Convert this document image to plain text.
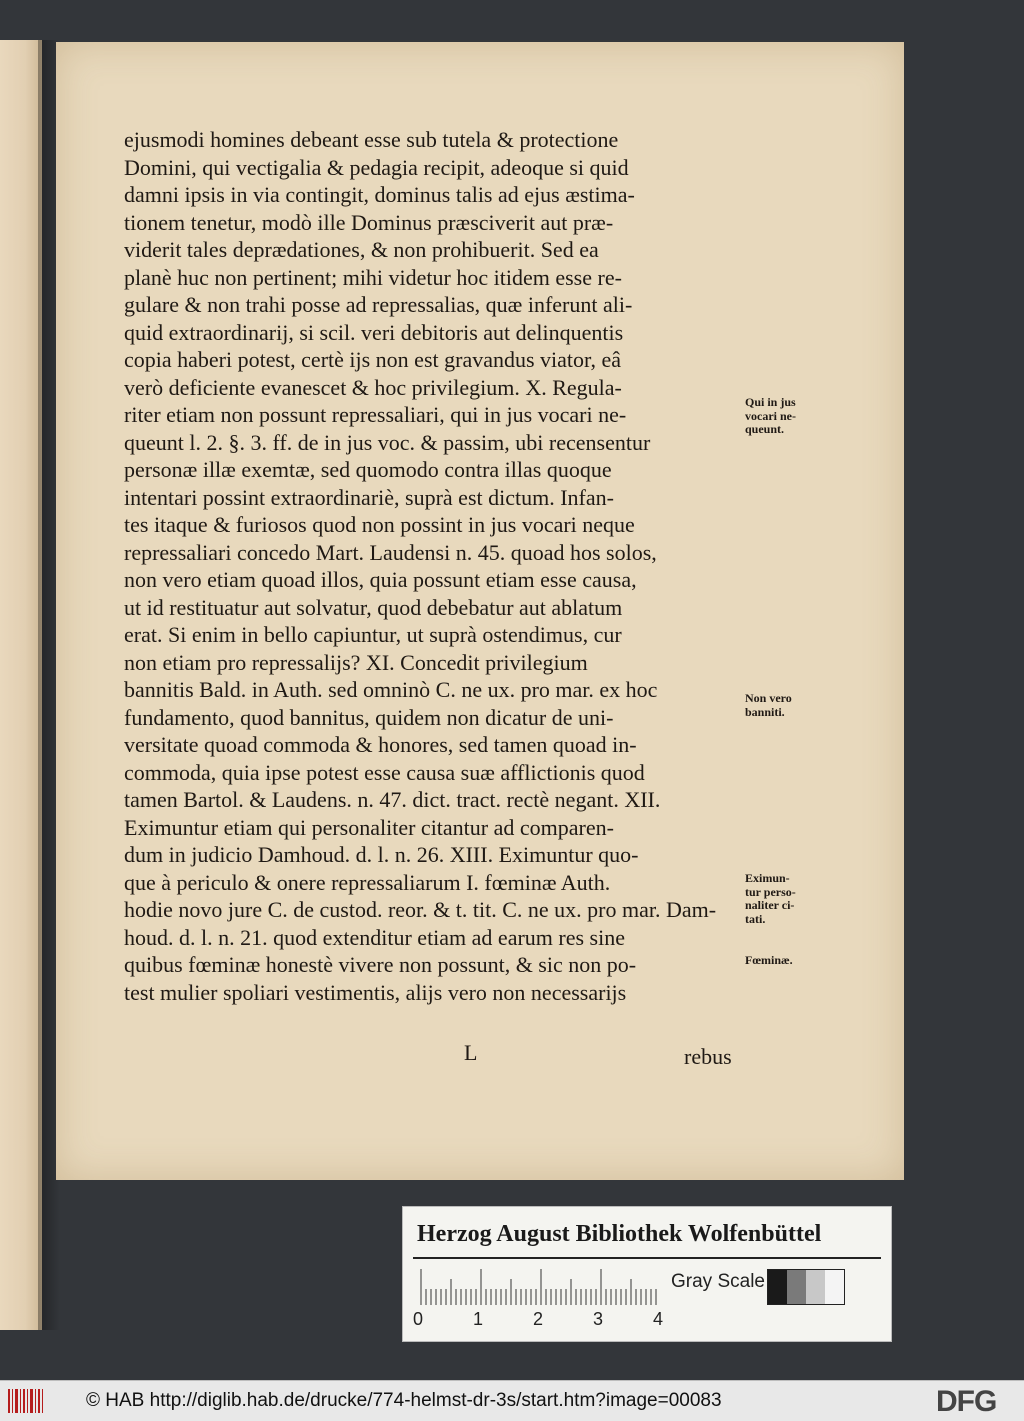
ejusmodi homines debeant esse sub tutela & protectione
Domini, qui vectigalia & pedagia recipit, adeoque si quid
damni ipsis in via contingit, dominus talis ad ejus æstima-
tionem tenetur, modò ille Dominus præsciverit aut præ-
viderit tales deprædationes, & non prohibuerit. Sed ea
planè huc non pertinent; mihi videtur hoc itidem esse re-
gulare & non trahi posse ad repressalias, quæ inferunt ali-
quid extraordinarij, si scil. veri debitoris aut delinquentis
copia haberi potest, certè ijs non est gravandus viator, eâ
verò deficiente evanescet & hoc privilegium. X. Regula-
riter etiam non possunt repressaliari, qui in jus vocari ne-
queunt l. 2. §. 3. ff. de in jus voc. & passim, ubi recensentur
personæ illæ exemtæ, sed quomodo contra illas quoque
intentari possint extraordinariè, suprà est dictum. Infan-
tes itaque & furiosos quod non possint in jus vocari neque
repressaliari concedo Mart. Laudensi n. 45. quoad hos solos,
non vero etiam quoad illos, quia possunt etiam esse causa,
ut id restituatur aut solvatur, quod debebatur aut ablatum
erat. Si enim in bello capiuntur, ut suprà ostendimus, cur
non etiam pro repressalijs? XI. Concedit privilegium
bannitis Bald. in Auth. sed omninò C. ne ux. pro mar. ex hoc
fundamento, quod bannitus, quidem non dicatur de uni-
versitate quoad commoda & honores, sed tamen quoad in-
commoda, quia ipse potest esse causa suæ afflictionis quod
tamen Bartol. & Laudens. n. 47. dict. tract. rectè negant. XII.
Eximuntur etiam qui personaliter citantur ad comparen-
dum in judicio Damhoud. d. l. n. 26. XIII. Eximuntur quo-
que à periculo & onere repressaliarum I. fœminæ Auth.
hodie novo jure C. de custod. reor. & t. tit. C. ne ux. pro mar. Dam-
houd. d. l. n. 21. quod extenditur etiam ad earum res sine
quibus fœminæ honestè vivere non possunt, & sic non po-
test mulier spoliari vestimentis, alijs vero non necessarijs
Qui in jus
vocari ne-
queunt.
Non vero
banniti.
Eximun-
tur perso-
naliter ci-
tati.
Fœminæ.
L	rebus
Herzog August Bibliothek Wolfenbüttel
0	1	2	3	4
Gray Scale
© HAB http://diglib.hab.de/drucke/774-helmst-dr-3s/start.htm?image=00083	DFG
